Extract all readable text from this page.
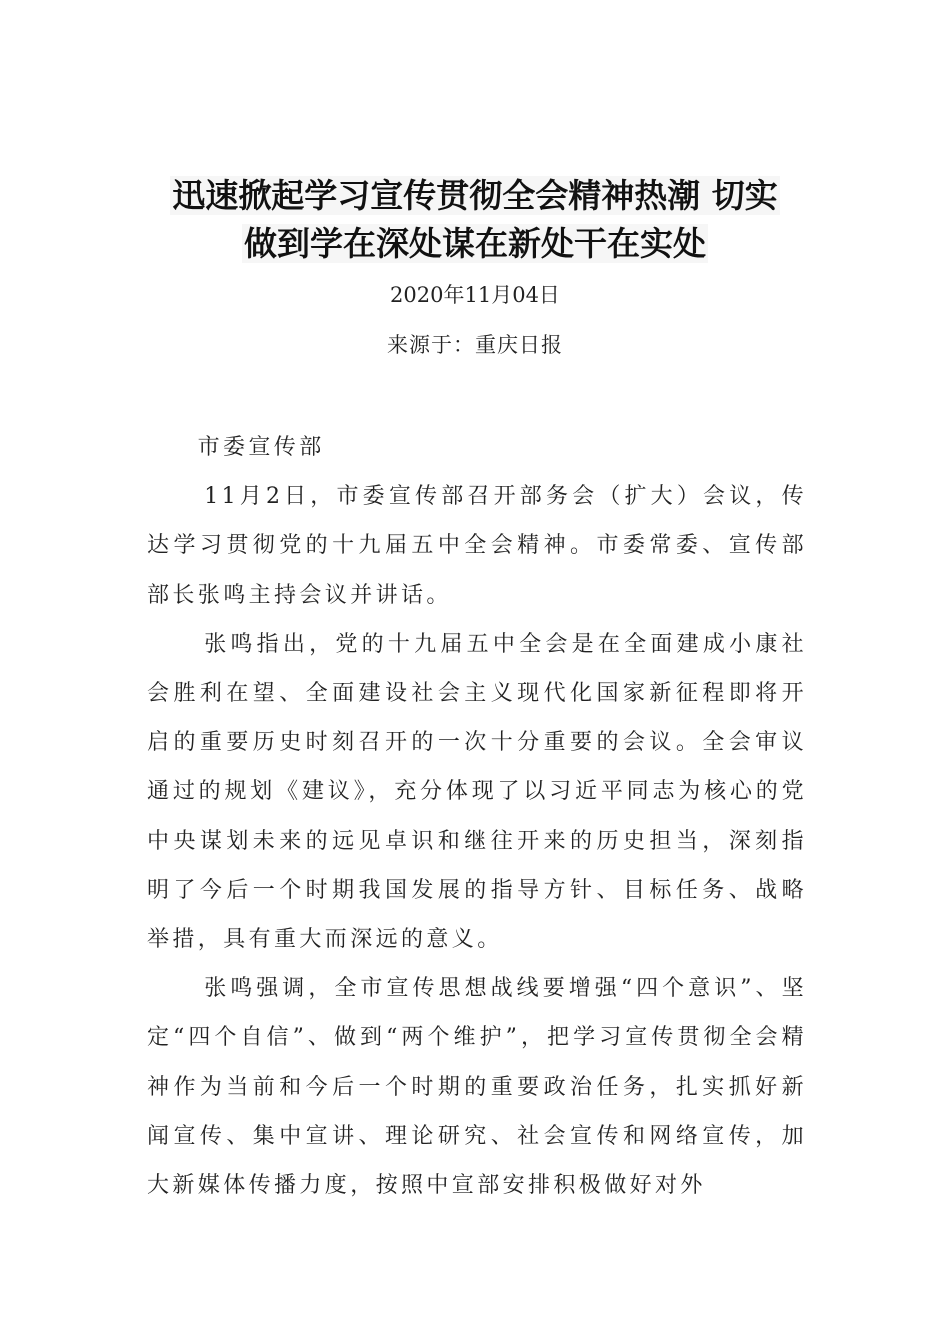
迅速掀起学习宣传贯彻全会精神热潮 切实
做到学在深处谋在新处干在实处
2020年11月04日
来源于：重庆日报

市委宣传部

11月2日，市委宣传部召开部务会（扩大）会议，传达学习贯彻党的十九届五中全会精神。市委常委、宣传部部长张鸣主持会议并讲话。

张鸣指出，党的十九届五中全会是在全面建成小康社会胜利在望、全面建设社会主义现代化国家新征程即将开启的重要历史时刻召开的一次十分重要的会议。全会审议通过的规划《建议》，充分体现了以习近平同志为核心的党中央谋划未来的远见卓识和继往开来的历史担当，深刻指明了今后一个时期我国发展的指导方针、目标任务、战略举措，具有重大而深远的意义。

张鸣强调，全市宣传思想战线要增强“四个意识”、坚定“四个自信”、做到“两个维护”，把学习宣传贯彻全会精神作为当前和今后一个时期的重要政治任务，扎实抓好新闻宣传、集中宣讲、理论研究、社会宣传和网络宣传，加大新媒体传播力度，按照中宣部安排积极做好对外
